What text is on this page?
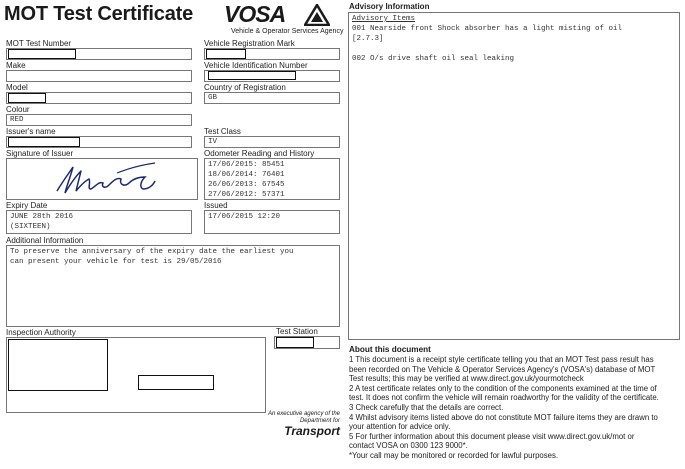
MOT Test Certificate VOSA
Vehicle & Operator Services Agency
MOT Test Number
Make
Model
Colour
RED
Issuer's name
Signature of Issuer
Expiry Date
JUNE 28th 2016
(SIXTEEN)
Additional Information
To preserve the anniversary of the expiry date the earliest you
can present your vehicle for test is 29/05/2016
Inspection Authority
Vehicle Registration Mark
Vehicle Identification Number
Country of Registration
GB
Test Class
IV
Odometer Reading and History
17/06/2015: 85451
18/06/2014: 76401
26/06/2013: 67545
27/06/2012: 57371
Issued
17/06/2015 12:20
Test Station
An executive agency of the
Department for
Transport
Advisory Information
Advisory Items
001 Nearside front Shock absorber has a light misting of oil
[2.7.3]
002 O/s drive shaft oil seal leaking
About this document

1 This document is a receipt style certificate telling you that an MOT Test pass result has

been recorded on The Vehicle & Operator Services Agency's (VOSA's) database of MOT

Test results; this may be verified at www.direct.gov.uk/yourmotcheck

2 A test certificate relates only to the condition of the components examined at the time of

test. It does not confirm the vehicle will remain roadworthy for the validity of the certificate.

3 Check carefully that the details are correct.

4 Whilst advisory items listed above do not constitute MOT failure items they are drawn to

your attention for advice only.

5 For further information about this document please visit www.direct.gov.uk/mot or

contact VOSA on 0300 123 9000*.

*Your call may be monitored or recorded for lawful purposes.
